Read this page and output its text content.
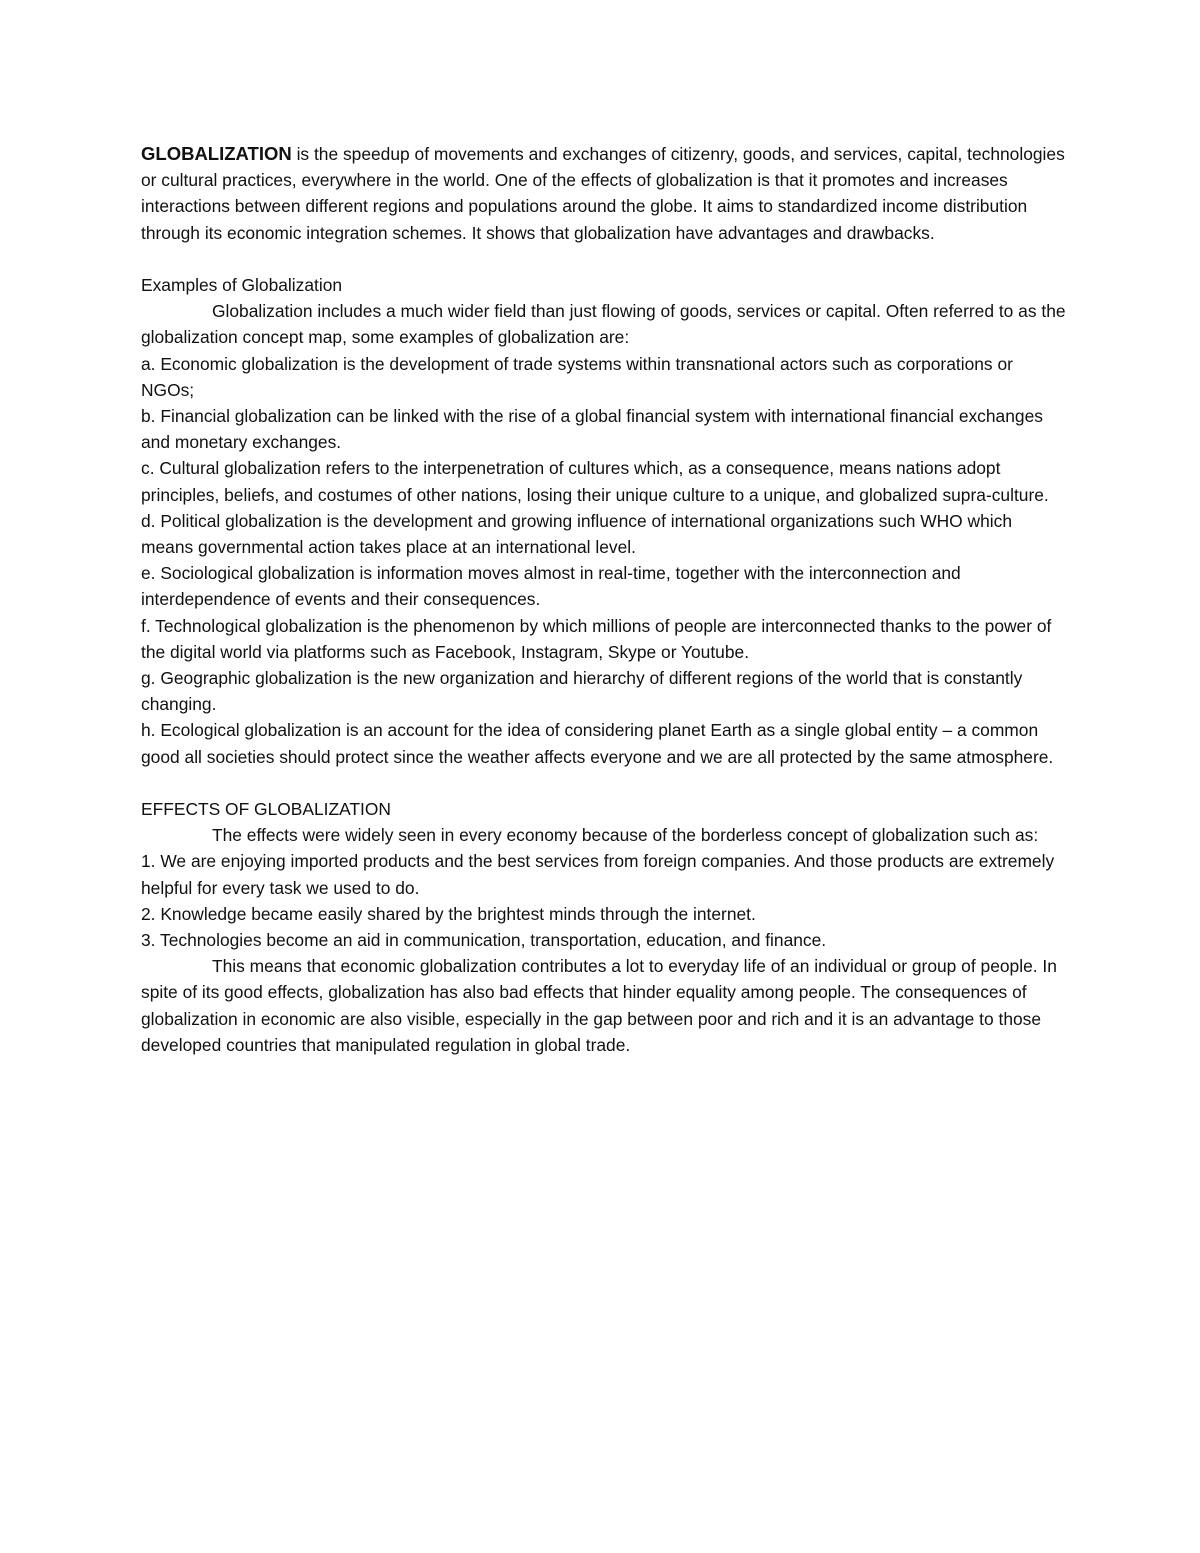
GLOBALIZATION is the speedup of movements and exchanges of citizenry, goods, and services, capital, technologies or cultural practices, everywhere in the world. One of the effects of globalization is that it promotes and increases interactions between different regions and populations around the globe. It aims to standardized income distribution through its economic integration schemes. It shows that globalization have advantages and drawbacks.

Examples of Globalization

Globalization includes a much wider field than just flowing of goods, services or capital. Often referred to as the globalization concept map, some examples of globalization are:

a. Economic globalization is the development of trade systems within transnational actors such as corporations or NGOs;

b. Financial globalization can be linked with the rise of a global financial system with international financial exchanges and monetary exchanges.

c. Cultural globalization refers to the interpenetration of cultures which, as a consequence, means nations adopt principles, beliefs, and costumes of other nations, losing their unique culture to a unique, and globalized supra-culture.

d. Political globalization is the development and growing influence of international organizations such WHO which means governmental action takes place at an international level.

e. Sociological globalization is information moves almost in real-time, together with the interconnection and interdependence of events and their consequences.

f. Technological globalization is the phenomenon by which millions of people are interconnected thanks to the power of the digital world via platforms such as Facebook, Instagram, Skype or Youtube.

g. Geographic globalization is the new organization and hierarchy of different regions of the world that is constantly changing.

h. Ecological globalization is an account for the idea of considering planet Earth as a single global entity – a common good all societies should protect since the weather affects everyone and we are all protected by the same atmosphere.

EFFECTS OF GLOBALIZATION

The effects were widely seen in every economy because of the borderless concept of globalization such as:

1. We are enjoying imported products and the best services from foreign companies. And those products are extremely helpful for every task we used to do.

2. Knowledge became easily shared by the brightest minds through the internet.

3. Technologies become an aid in communication, transportation, education, and finance.

This means that economic globalization contributes a lot to everyday life of an individual or group of people. In spite of its good effects, globalization has also bad effects that hinder equality among people. The consequences of globalization in economic are also visible, especially in the gap between poor and rich and it is an advantage to those developed countries that manipulated regulation in global trade.
